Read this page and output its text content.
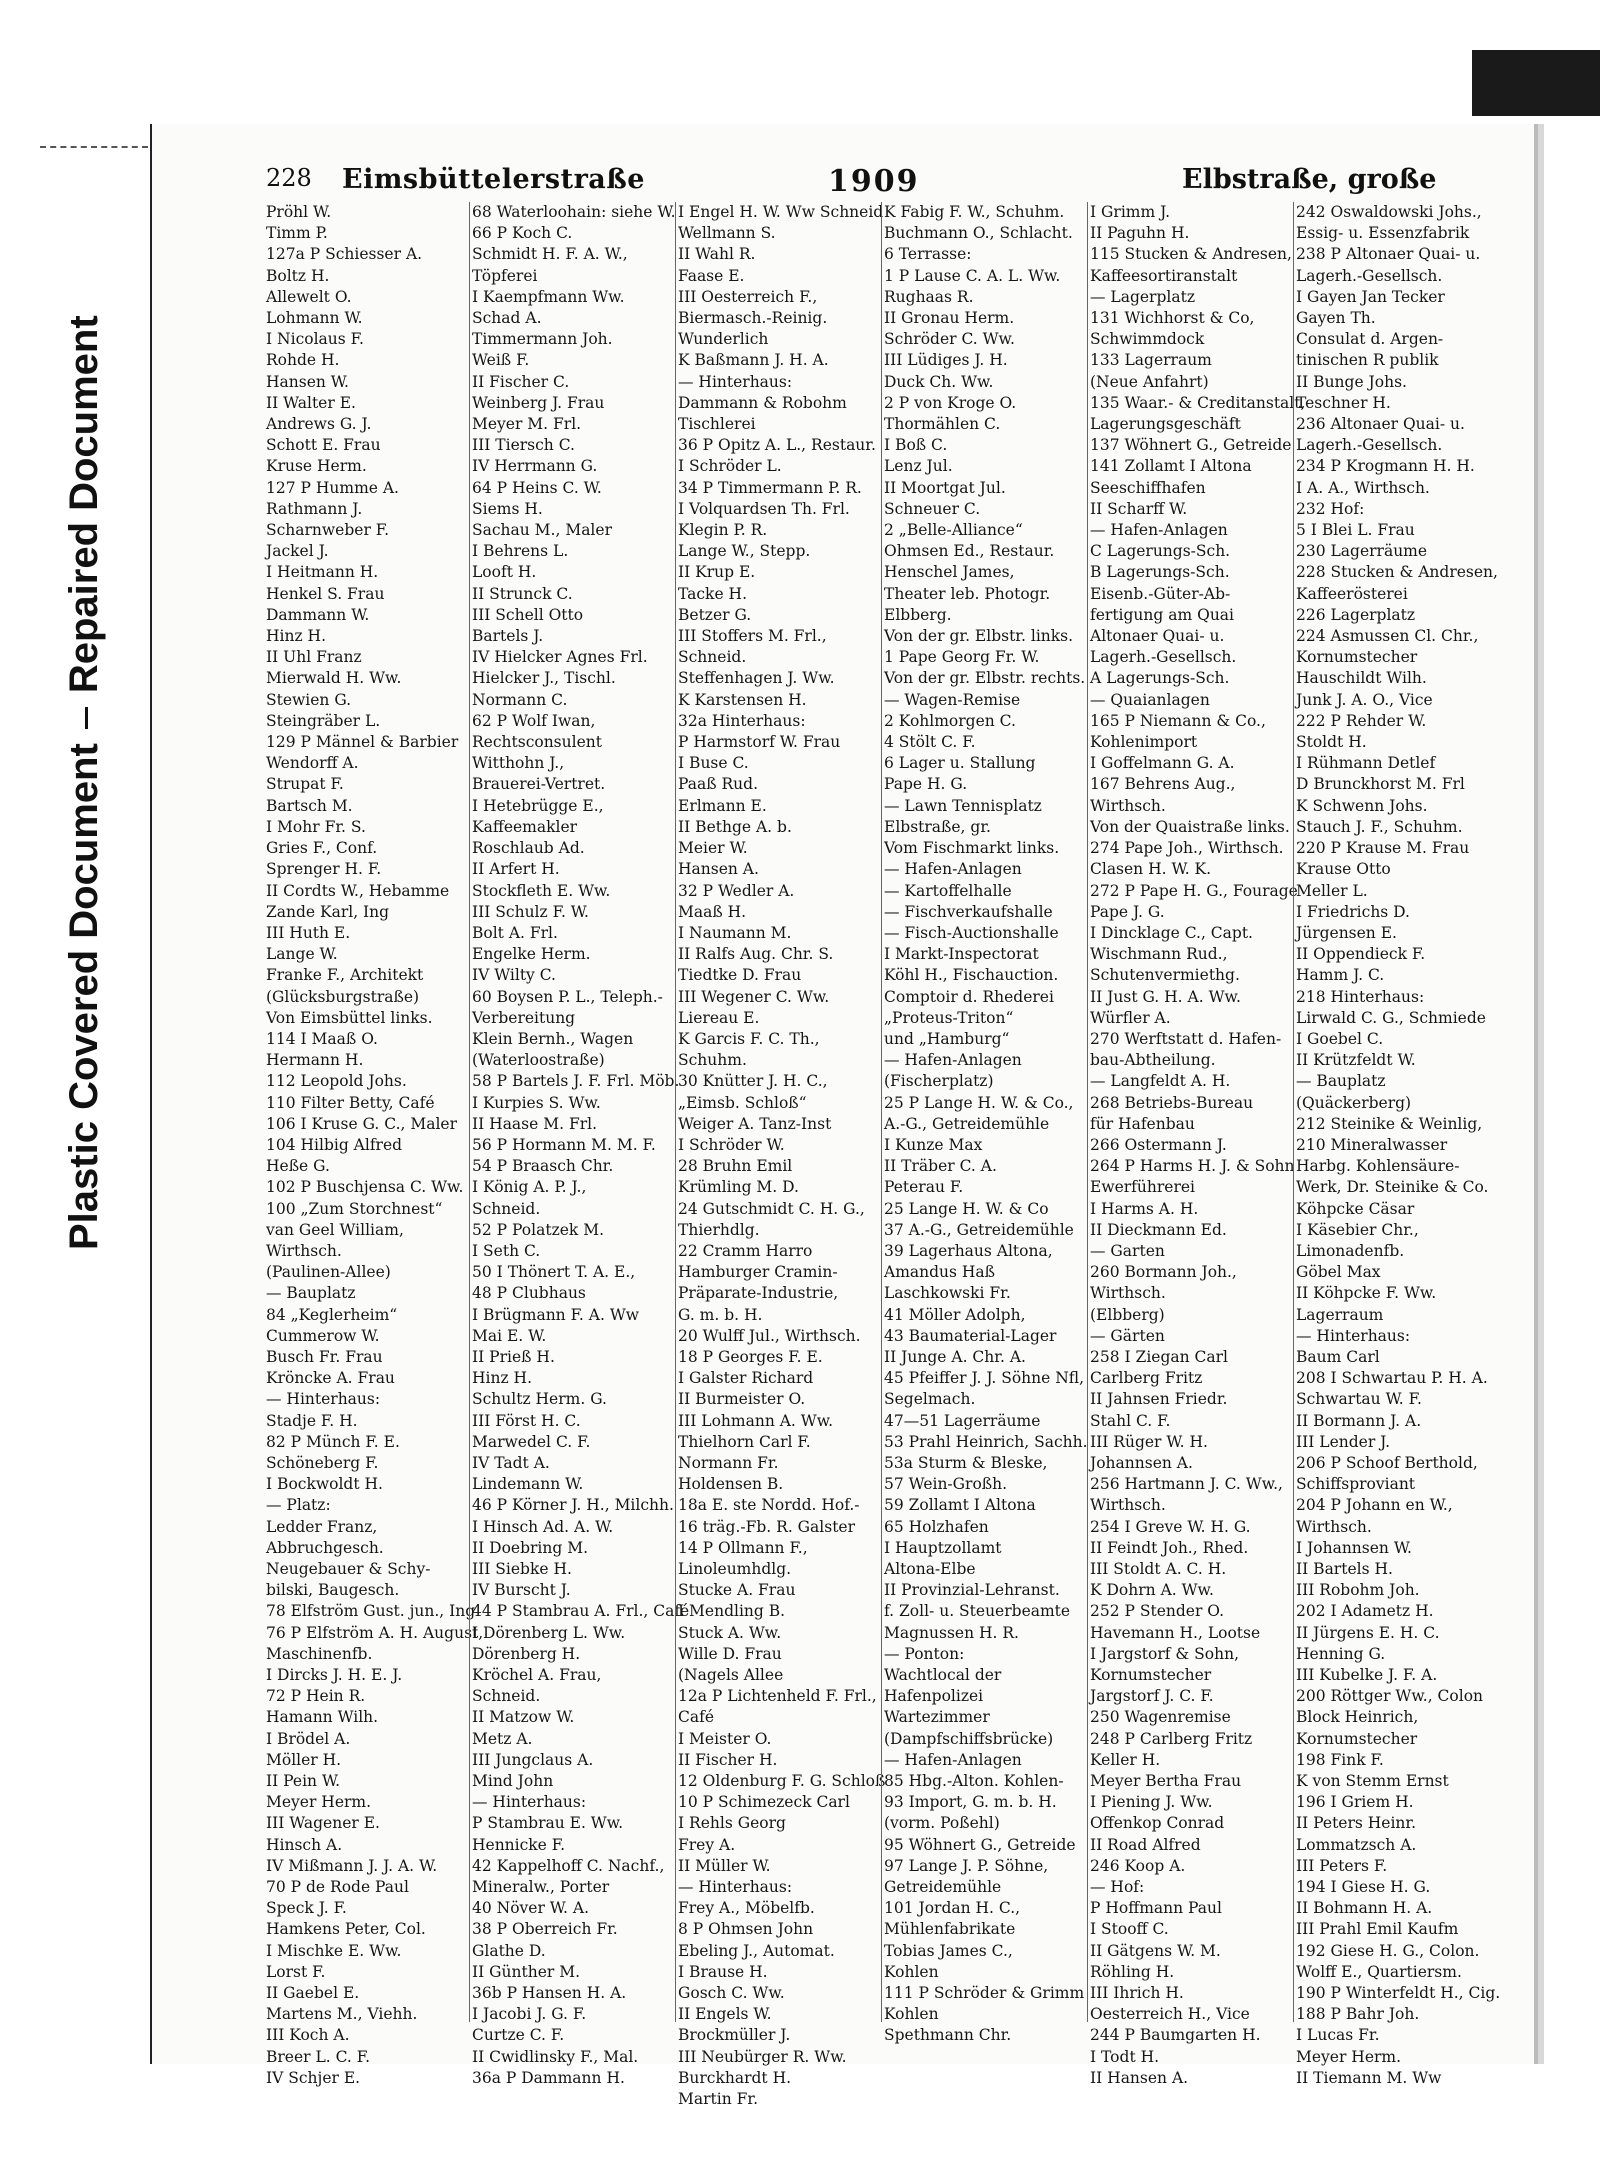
Plastic Covered DocumentRepaired Document
228 Eimsbüttelerstraße	1909	Elbstraße, große
Pröhl W.
Timm P.
127a P Schiesser A.
Boltz H.
Allewelt O.
Lohmann W.
I Nicolaus F.
Rohde H.
Hansen W.
II Walter E.
Andrews G. J.
Schott E. Frau
Kruse Herm.
127 P Humme A.
Rathmann J.
Scharnweber F.
Jackel J.
I Heitmann H.
Henkel S. Frau
Dammann W.
Hinz H.
II Uhl Franz
Mierwald H. Ww.
Stewien G.
Steingräber L.
129 P Männel & Barbier
Wendorff A.
Strupat F.
Bartsch M.
I Mohr Fr. S.
Gries F., Conf.
Sprenger H. F.
II Cordts W., Hebamme
Zande Karl, Ing
III Huth E.
Lange W.
Franke F., Architekt
(Glücksburgstraße)
Von Eimsbüttel links.
114 I Maaß O.
Hermann H.
112 Leopold Johs.
110 Filter Betty, Café
106 I Kruse G. C., Maler
104 Hilbig Alfred
Heße G.
102 P Buschjensa C. Ww.
100 „Zum Storchnest“
van Geel William,
Wirthsch.
(Paulinen-Allee)
— Bauplatz
84 „Keglerheim“
Cummerow W.
Busch Fr. Frau
Kröncke A. Frau
— Hinterhaus:
Stadje F. H.
82 P Münch F. E.
Schöneberg F.
I Bockwoldt H.
— Platz:
Ledder Franz,
Abbruchgesch.
Neugebauer & Schy-
bilski, Baugesch.
78 Elfström Gust. jun., Ing
76 P Elfström A. H. August,
Maschinenfb.
I Dircks J. H. E. J.
72 P Hein R.
Hamann Wilh.
I Brödel A.
Möller H.
II Pein W.
Meyer Herm.
III Wagener E.
Hinsch A.
IV Mißmann J. J. A. W.
70 P de Rode Paul
Speck J. F.
Hamkens Peter, Col.
I Mischke E. Ww.
Lorst F.
II Gaebel E.
Martens M., Viehh.
III Koch A.
Breer L. C. F.
IV Schjer E.
68 Waterloohain: siehe W.
66 P Koch C.
Schmidt H. F. A. W.,
Töpferei
I Kaempfmann Ww.
Schad A.
Timmermann Joh.
Weiß F.
II Fischer C.
Weinberg J. Frau
Meyer M. Frl.
III Tiersch C.
IV Herrmann G.
64 P Heins C. W.
Siems H.
Sachau M., Maler
I Behrens L.
Looft H.
II Strunck C.
III Schell Otto
Bartels J.
IV Hielcker Agnes Frl.
Hielcker J., Tischl.
Normann C.
62 P Wolf Iwan,
Rechtsconsulent
Witthohn J.,
Brauerei-Vertret.
I Hetebrügge E.,
Kaffeemakler
Roschlaub Ad.
II Arfert H.
Stockfleth E. Ww.
III Schulz F. W.
Bolt A. Frl.
Engelke Herm.
IV Wilty C.
60 Boysen P. L., Teleph.-
Verbereitung
Klein Bernh., Wagen
(Waterloostraße)
58 P Bartels J. F. Frl. Möb.
I Kurpies S. Ww.
II Haase M. Frl.
56 P Hormann M. M. F.
54 P Braasch Chr.
I König A. P. J.,
Schneid.
52 P Polatzek M.
I Seth C.
50 I Thönert T. A. E.,
48 P Clubhaus
I Brügmann F. A. Ww
Mai E. W.
II Prieß H.
Hinz H.
Schultz Herm. G.
III Först H. C.
Marwedel C. F.
IV Tadt A.
Lindemann W.
46 P Körner J. H., Milchh.
I Hinsch Ad. A. W.
II Doebring M.
III Siebke H.
IV Burscht J.
44 P Stambrau A. Frl., Café
I Dörenberg L. Ww.
Dörenberg H.
Kröchel A. Frau,
Schneid.
II Matzow W.
Metz A.
III Jungclaus A.
Mind John
— Hinterhaus:
P Stambrau E. Ww.
Hennicke F.
42 Kappelhoff C. Nachf.,
Mineralw., Porter
40 Növer W. A.
38 P Oberreich Fr.
Glathe D.
II Günther M.
36b P Hansen H. A.
I Jacobi J. G. F.
Curtze C. F.
II Cwidlinsky F., Mal.
36a P Dammann H.
I Engel H. W. Ww Schneid
Wellmann S.
II Wahl R.
Faase E.
III Oesterreich F.,
Biermasch.-Reinig.
Wunderlich
K Baßmann J. H. A.
— Hinterhaus:
Dammann & Robohm
Tischlerei
36 P Opitz A. L., Restaur.
I Schröder L.
34 P Timmermann P. R.
I Volquardsen Th. Frl.
Klegin P. R.
Lange W., Stepp.
II Krup E.
Tacke H.
Betzer G.
III Stoffers M. Frl.,
Schneid.
Steffenhagen J. Ww.
K Karstensen H.
32a Hinterhaus:
P Harmstorf W. Frau
I Buse C.
Paaß Rud.
Erlmann E.
II Bethge A. b.
Meier W.
Hansen A.
32 P Wedler A.
Maaß H.
I Naumann M.
II Ralfs Aug. Chr. S.
Tiedtke D. Frau
III Wegener C. Ww.
Liereau E.
K Garcis F. C. Th.,
Schuhm.
30 Knütter J. H. C.,
„Eimsb. Schloß“
Weiger A. Tanz-Inst
I Schröder W.
28 Bruhn Emil
Krümling M. D.
24 Gutschmidt C. H. G.,
Thierhdlg.
22 Cramm Harro
Hamburger Cramin-
Präparate-Industrie,
G. m. b. H.
20 Wulff Jul., Wirthsch.
18 P Georges F. E.
I Galster Richard
II Burmeister O.
III Lohmann A. Ww.
Thielhorn Carl F.
Normann Fr.
Holdensen B.
18a E. ste Nordd. Hof.-
16 träg.-Fb. R. Galster
14 P Ollmann F.,
Linoleumhdlg.
Stucke A. Frau
I Mendling B.
Stuck A. Ww.
Wille D. Frau
(Nagels Allee
12a P Lichtenheld F. Frl.,
Café
I Meister O.
II Fischer H.
12 Oldenburg F. G. Schloß
10 P Schimezeck Carl
I Rehls Georg
Frey A.
II Müller W.
— Hinterhaus:
Frey A., Möbelfb.
8 P Ohmsen John
Ebeling J., Automat.
I Brause H.
Gosch C. Ww.
II Engels W.
Brockmüller J.
III Neubürger R. Ww.
Burckhardt H.
Martin Fr.
K Fabig F. W., Schuhm.
Buchmann O., Schlacht.
6 Terrasse:
1 P Lause C. A. L. Ww.
Rughaas R.
II Gronau Herm.
Schröder C. Ww.
III Lüdiges J. H.
Duck Ch. Ww.
2 P von Kroge O.
Thormählen C.
I Boß C.
Lenz Jul.
II Moortgat Jul.
Schneuer C.
2 „Belle-Alliance“
Ohmsen Ed., Restaur.
Henschel James,
Theater leb. Photogr.
Elbberg.
Von der gr. Elbstr. links.
1 Pape Georg Fr. W.
Von der gr. Elbstr. rechts.
— Wagen-Remise
2 Kohlmorgen C.
4 Stölt C. F.
6 Lager u. Stallung
Pape H. G.
— Lawn Tennisplatz
Elbstraße, gr.
Vom Fischmarkt links.
— Hafen-Anlagen
— Kartoffelhalle
— Fischverkaufshalle
— Fisch-Auctionshalle
I Markt-Inspectorat
Köhl H., Fischauction.
Comptoir d. Rhederei
„Proteus-Triton“
und „Hamburg“
— Hafen-Anlagen
(Fischerplatz)
25 P Lange H. W. & Co.,
A.-G., Getreidemühle
I Kunze Max
II Träber C. A.
Peterau F.
25 Lange H. W. & Co
37 A.-G., Getreidemühle
39 Lagerhaus Altona,
Amandus Haß
Laschkowski Fr.
41 Möller Adolph,
43 Baumaterial-Lager
II Junge A. Chr. A.
45 Pfeiffer J. J. Söhne Nfl,
Segelmach.
47—51 Lagerräume
53 Prahl Heinrich, Sachh.
53a Sturm & Bleske,
57 Wein-Großh.
59 Zollamt I Altona
65 Holzhafen
I Hauptzollamt
Altona-Elbe
II Provinzial-Lehranst.
f. Zoll- u. Steuerbeamte
Magnussen H. R.
— Ponton:
Wachtlocal der
Hafenpolizei
Wartezimmer
(Dampfschiffsbrücke)
— Hafen-Anlagen
85 Hbg.-Alton. Kohlen-
93 Import, G. m. b. H.
(vorm. Poßehl)
95 Wöhnert G., Getreide
97 Lange J. P. Söhne,
Getreidemühle
101 Jordan H. C.,
Mühlenfabrikate
Tobias James C.,
Kohlen
111 P Schröder & Grimm
Kohlen
Spethmann Chr.
I Grimm J.
II Paguhn H.
115 Stucken & Andresen,
Kaffeesortiranstalt
— Lagerplatz
131 Wichhorst & Co,
Schwimmdock
133 Lagerraum
(Neue Anfahrt)
135 Waar.- & Creditanstalt,
Lagerungsgeschäft
137 Wöhnert G., Getreide
141 Zollamt I Altona
Seeschiffhafen
II Scharff W.
— Hafen-Anlagen
C Lagerungs-Sch.
B Lagerungs-Sch.
Eisenb.-Güter-Ab-
fertigung am Quai
Altonaer Quai- u.
Lagerh.-Gesellsch.
A Lagerungs-Sch.
— Quaianlagen
165 P Niemann & Co.,
Kohlenimport
I Goffelmann G. A.
167 Behrens Aug.,
Wirthsch.
Von der Quaistraße links.
274 Pape Joh., Wirthsch.
Clasen H. W. K.
272 P Pape H. G., Fourage
Pape J. G.
I Dincklage C., Capt.
Wischmann Rud.,
Schutenvermiethg.
II Just G. H. A. Ww.
Würfler A.
270 Werftstatt d. Hafen-
bau-Abtheilung.
— Langfeldt A. H.
268 Betriebs-Bureau
für Hafenbau
266 Ostermann J.
264 P Harms H. J. & Sohn
Ewerführerei
I Harms A. H.
II Dieckmann Ed.
— Garten
260 Bormann Joh.,
Wirthsch.
(Elbberg)
— Gärten
258 I Ziegan Carl
Carlberg Fritz
II Jahnsen Friedr.
Stahl C. F.
III Rüger W. H.
Johannsen A.
256 Hartmann J. C. Ww.,
Wirthsch.
254 I Greve W. H. G.
II Feindt Joh., Rhed.
III Stoldt A. C. H.
K Dohrn A. Ww.
252 P Stender O.
Havemann H., Lootse
I Jargstorf & Sohn,
Kornumstecher
Jargstorf J. C. F.
250 Wagenremise
248 P Carlberg Fritz
Keller H.
Meyer Bertha Frau
I Piening J. Ww.
Offenkop Conrad
II Road Alfred
246 Koop A.
— Hof:
P Hoffmann Paul
I Stooff C.
II Gätgens W. M.
Röhling H.
III Ihrich H.
Oesterreich H., Vice
244 P Baumgarten H.
I Todt H.
II Hansen A.
242 Oswaldowski Johs.,
Essig- u. Essenzfabrik
238 P Altonaer Quai- u.
Lagerh.-Gesellsch.
I Gayen Jan Tecker
Gayen Th.
Consulat d. Argen-
tinischen R publik
II Bunge Johs.
Teschner H.
236 Altonaer Quai- u.
Lagerh.-Gesellsch.
234 P Krogmann H. H.
I A. A., Wirthsch.
232 Hof:
5 I Blei L. Frau
230 Lagerräume
228 Stucken & Andresen,
Kaffeerösterei
226 Lagerplatz
224 Asmussen Cl. Chr.,
Kornumstecher
Hauschildt Wilh.
Junk J. A. O., Vice
222 P Rehder W.
Stoldt H.
I Rühmann Detlef
D Brunckhorst M. Frl
K Schwenn Johs.
Stauch J. F., Schuhm.
220 P Krause M. Frau
Krause Otto
Meller L.
I Friedrichs D.
Jürgensen E.
II Oppendieck F.
Hamm J. C.
218 Hinterhaus:
Lirwald C. G., Schmiede
I Goebel C.
II Krützfeldt W.
— Bauplatz
(Quäckerberg)
212 Steinike & Weinlig,
210 Mineralwasser
Harbg. Kohlensäure-
Werk, Dr. Steinike & Co.
Köhpcke Cäsar
I Käsebier Chr.,
Limonadenfb.
Göbel Max
II Köhpcke F. Ww.
Lagerraum
— Hinterhaus:
Baum Carl
208 I Schwartau P. H. A.
Schwartau W. F.
II Bormann J. A.
III Lender J.
206 P Schoof Berthold,
Schiffsproviant
204 P Johann en W.,
Wirthsch.
I Johannsen W.
II Bartels H.
III Robohm Joh.
202 I Adametz H.
II Jürgens E. H. C.
Henning G.
III Kubelke J. F. A.
200 Röttger Ww., Colon
Block Heinrich,
Kornumstecher
198 Fink F.
K von Stemm Ernst
196 I Griem H.
II Peters Heinr.
Lommatzsch A.
III Peters F.
194 I Giese H. G.
II Bohmann H. A.
III Prahl Emil Kaufm
192 Giese H. G., Colon.
Wolff E., Quartiersm.
190 P Winterfeldt H., Cig.
188 P Bahr Joh.
I Lucas Fr.
Meyer Herm.
II Tiemann M. Ww
